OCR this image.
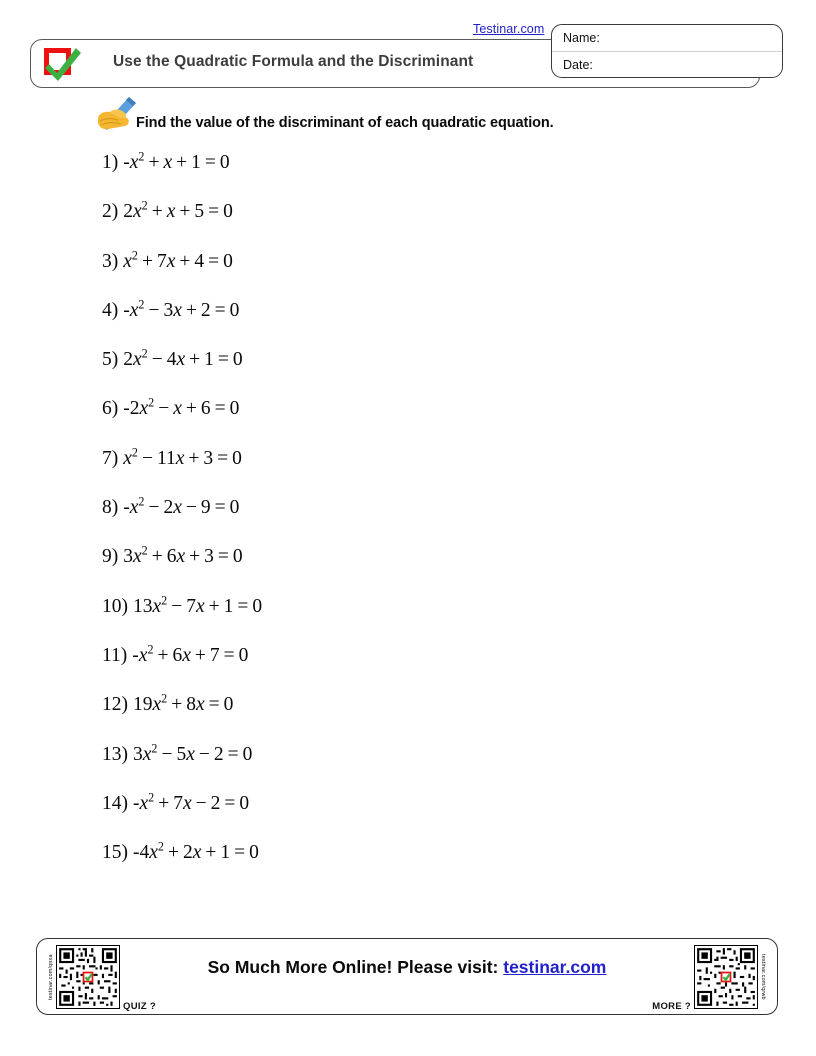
Testinar.com
Use the Quadratic Formula and the Discriminant
Name:
Date:
Find the value of the discriminant of each quadratic equation.
1) $-x^2 + x + 1 = 0$
2) $2x^2 + x + 5 = 0$
3) $x^2 + 7x + 4 = 0$
4) $-x^2 - 3x + 2 = 0$
5) $2x^2 - 4x + 1 = 0$
6) $-2x^2 - x + 6 = 0$
7) $x^2 - 11x + 3 = 0$
8) $-x^2 - 2x - 9 = 0$
9) $3x^2 + 6x + 3 = 0$
10) $13x^2 - 7x + 1 = 0$
11) $-x^2 + 6x + 7 = 0$
12) $19x^2 + 8x = 0$
13) $3x^2 - 5x - 2 = 0$
14) $-x^2 + 7x - 2 = 0$
15) $-4x^2 + 2x + 1 = 0$
testinar.com/qnxa
QUIZ ?
So Much More Online! Please visit: testinar.com	testinar.com/qrwb
MORE ?
